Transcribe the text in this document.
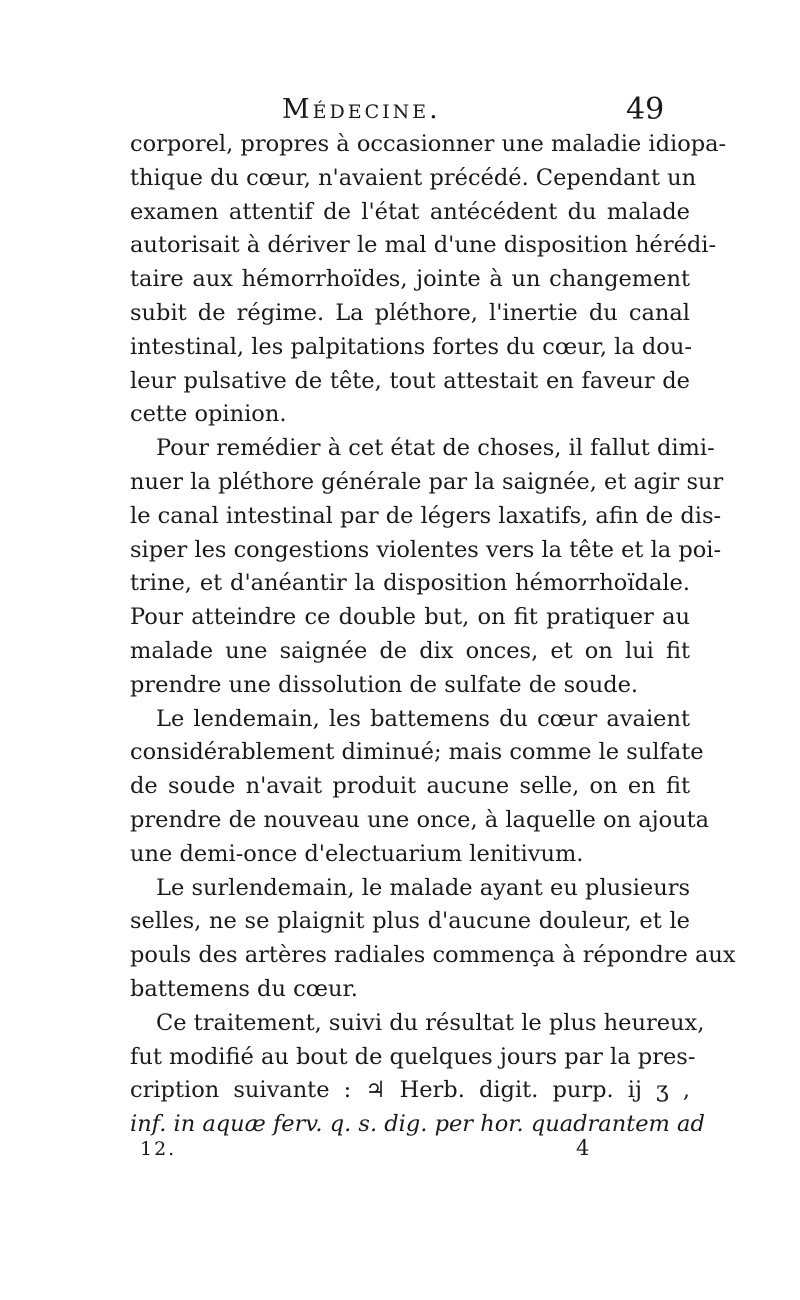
Médecine.	49
corporel, propres à occasionner une maladie idiopa-
thique du cœur, n'avaient précédé. Cependant un
examen attentif de l'état antécédent du malade
autorisait à dériver le mal d'une disposition hérédi-
taire aux hémorrhoïdes, jointe à un changement
subit de régime. La pléthore, l'inertie du canal
intestinal, les palpitations fortes du cœur, la dou-
leur pulsative de tête, tout attestait en faveur de
cette opinion.
Pour remédier à cet état de choses, il fallut dimi-
nuer la pléthore générale par la saignée, et agir sur
le canal intestinal par de légers laxatifs, afin de dis-
siper les congestions violentes vers la tête et la poi-
trine, et d'anéantir la disposition hémorrhoïdale.
Pour atteindre ce double but, on fit pratiquer au
malade une saignée de dix onces, et on lui fit
prendre une dissolution de sulfate de soude.
Le lendemain, les battemens du cœur avaient
considérablement diminué; mais comme le sulfate
de soude n'avait produit aucune selle, on en fit
prendre de nouveau une once, à laquelle on ajouta
une demi-once d'electuarium lenitivum.
Le surlendemain, le malade ayant eu plusieurs
selles, ne se plaignit plus d'aucune douleur, et le
pouls des artères radiales commença à répondre aux
battemens du cœur.
Ce traitement, suivi du résultat le plus heureux,
fut modifié au bout de quelques jours par la pres-
cription suivante : ♃ Herb. digit. purp. ij ʒ ,
inf. in aquæ ferv. q. s. dig. per hor. quadrantem ad
12.	4
